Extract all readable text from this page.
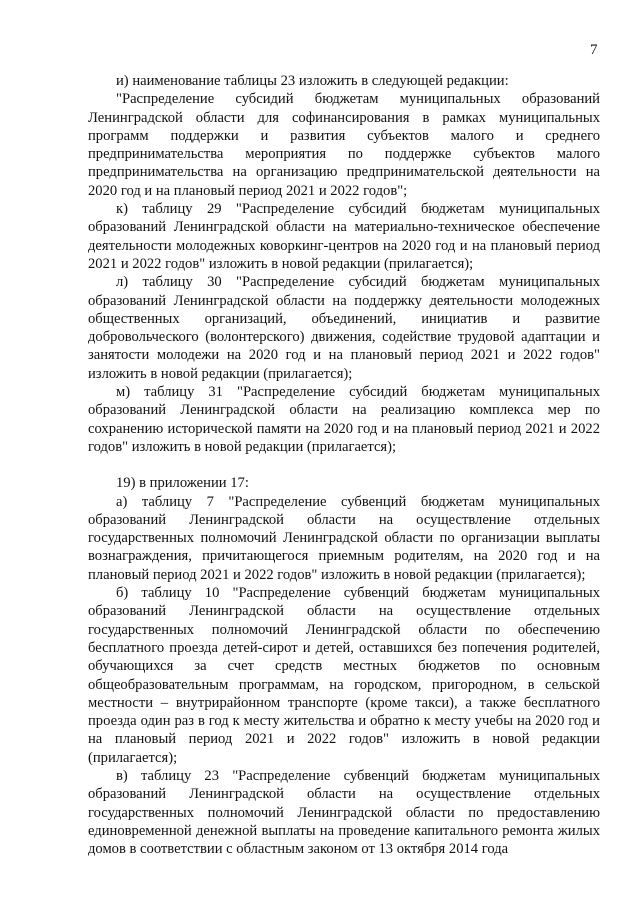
7

и) наименование таблицы 23 изложить в следующей редакции:

"Распределение субсидий бюджетам муниципальных образований Ленинградской области для софинансирования в рамках муниципальных программ поддержки и развития субъектов малого и среднего предпринимательства мероприятия по поддержке субъектов малого предпринимательства на организацию предпринимательской деятельности на 2020 год и на плановый период 2021 и 2022 годов";

к) таблицу 29 "Распределение субсидий бюджетам муниципальных образований Ленинградской области на материально-техническое обеспечение деятельности молодежных коворкинг-центров на 2020 год и на плановый период 2021 и 2022 годов" изложить в новой редакции (прилагается);

л) таблицу 30 "Распределение субсидий бюджетам муниципальных образований Ленинградской области на поддержку деятельности молодежных общественных организаций, объединений, инициатив и развитие добровольческого (волонтерского) движения, содействие трудовой адаптации и занятости молодежи на 2020 год и на плановый период 2021 и 2022 годов" изложить в новой редакции (прилагается);

м) таблицу 31 "Распределение субсидий бюджетам муниципальных образований Ленинградской области на реализацию комплекса мер по сохранению исторической памяти на 2020 год и на плановый период 2021 и 2022 годов" изложить в новой редакции (прилагается);

19) в приложении 17:

а) таблицу 7 "Распределение субвенций бюджетам муниципальных образований Ленинградской области на осуществление отдельных государственных полномочий Ленинградской области по организации выплаты вознаграждения, причитающегося приемным родителям, на 2020 год и на плановый период 2021 и 2022 годов" изложить в новой редакции (прилагается);

б) таблицу 10 "Распределение субвенций бюджетам муниципальных образований Ленинградской области на осуществление отдельных государственных полномочий Ленинградской области по обеспечению бесплатного проезда детей-сирот и детей, оставшихся без попечения родителей, обучающихся за счет средств местных бюджетов по основным общеобразовательным программам, на городском, пригородном, в сельской местности – внутрирайонном транспорте (кроме такси), а также бесплатного проезда один раз в год к месту жительства и обратно к месту учебы на 2020 год и на плановый период 2021 и 2022 годов" изложить в новой редакции (прилагается);

в) таблицу 23 "Распределение субвенций бюджетам муниципальных образований Ленинградской области на осуществление отдельных государственных полномочий Ленинградской области по предоставлению единовременной денежной выплаты на проведение капитального ремонта жилых домов в соответствии с областным законом от 13 октября 2014 года
